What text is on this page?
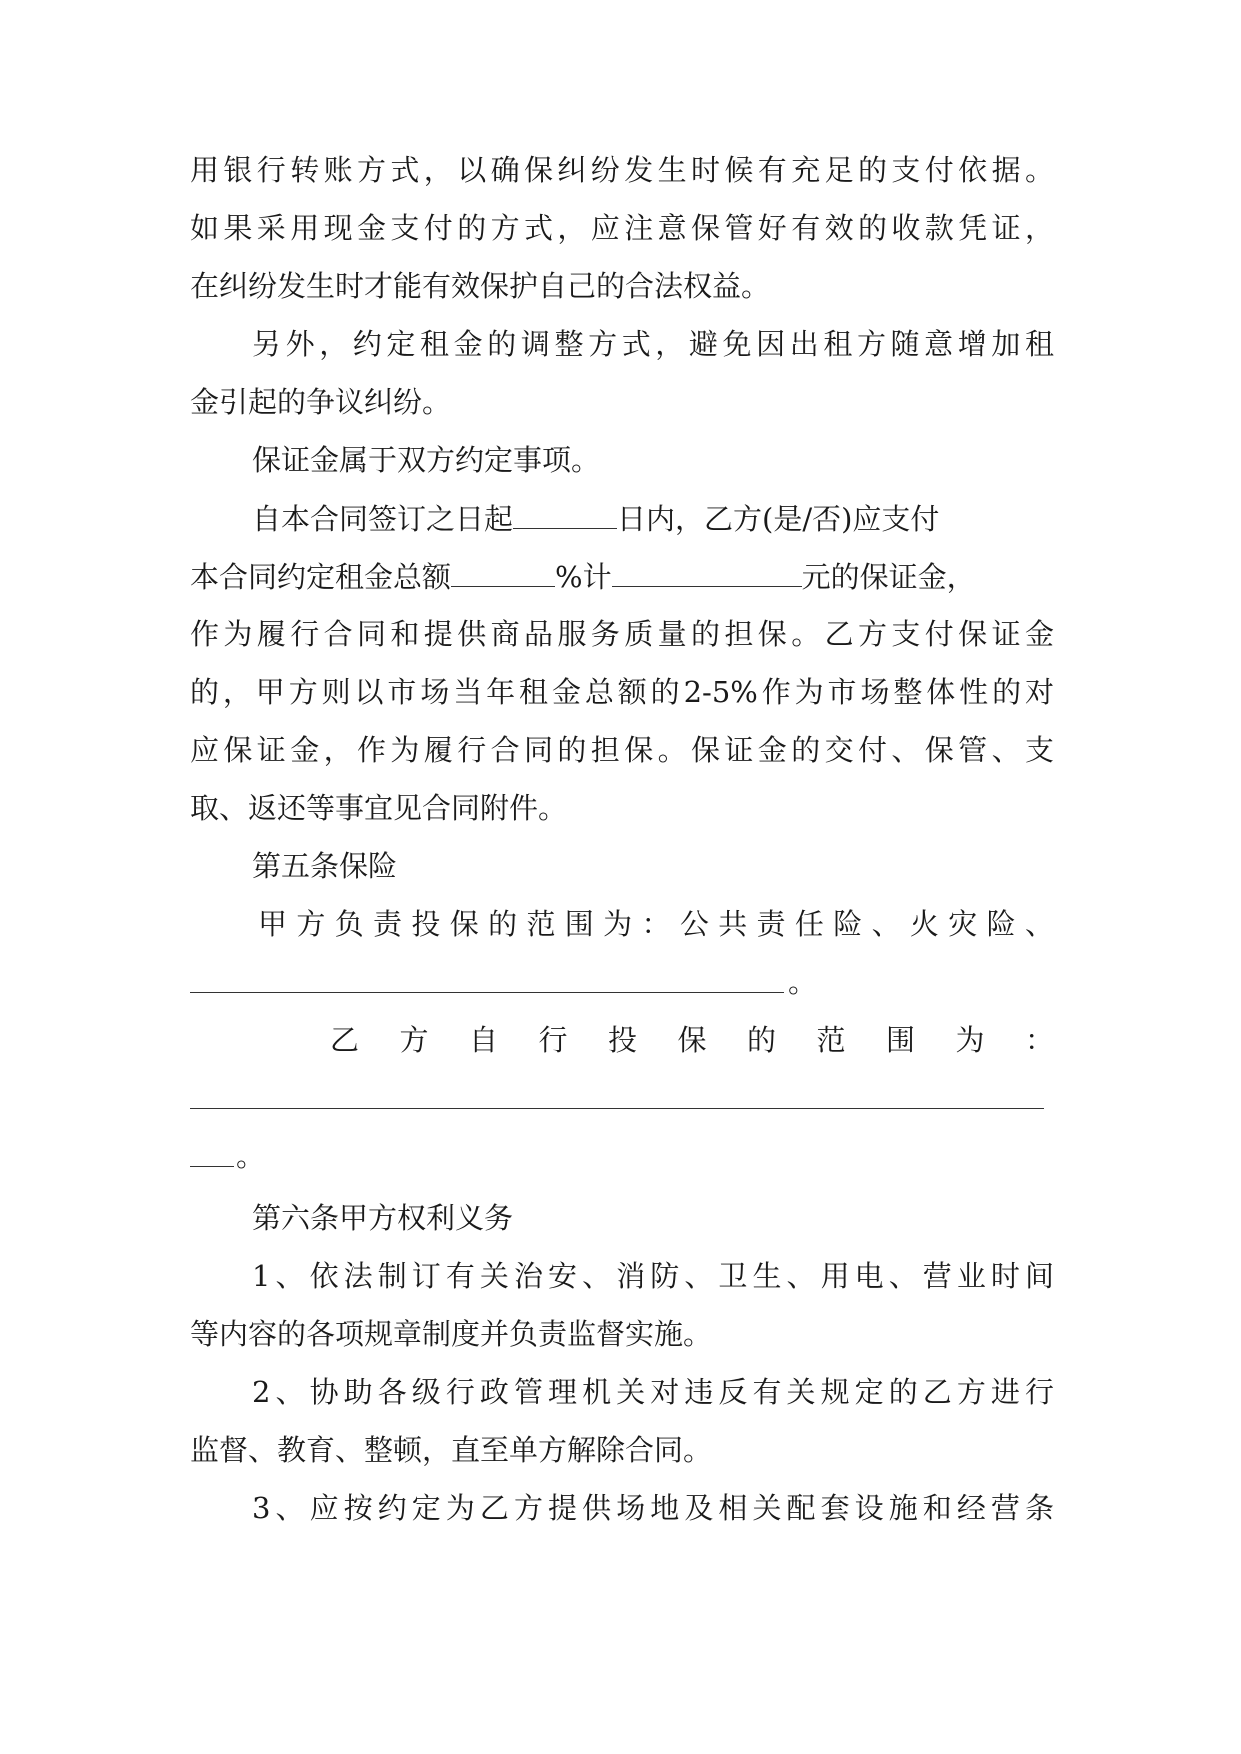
用银行转账方式，以确保纠纷发生时候有充足的支付依据。
如果采用现金支付的方式，应注意保管好有效的收款凭证，
在纠纷发生时才能有效保护自己的合法权益。
另外，约定租金的调整方式，避免因出租方随意增加租
金引起的争议纠纷。
保证金属于双方约定事项。
自本合同签订之日起	日内，乙方(是/否)应支付
本合同约定租金总额	%计	元的保证金，
作为履行合同和提供商品服务质量的担保。乙方支付保证金
的，甲方则以市场当年租金总额的2-5%作为市场整体性的对
应保证金，作为履行合同的担保。保证金的交付、保管、支
取、返还等事宜见合同附件。
第五条保险
甲方负责投保的范围为：公共责任险、火灾险、
。
乙方自行投保的范围为：
。
第六条甲方权利义务
1、依法制订有关治安、消防、卫生、用电、营业时间
等内容的各项规章制度并负责监督实施。
2、协助各级行政管理机关对违反有关规定的乙方进行
监督、教育、整顿，直至单方解除合同。
3、应按约定为乙方提供场地及相关配套设施和经营条
